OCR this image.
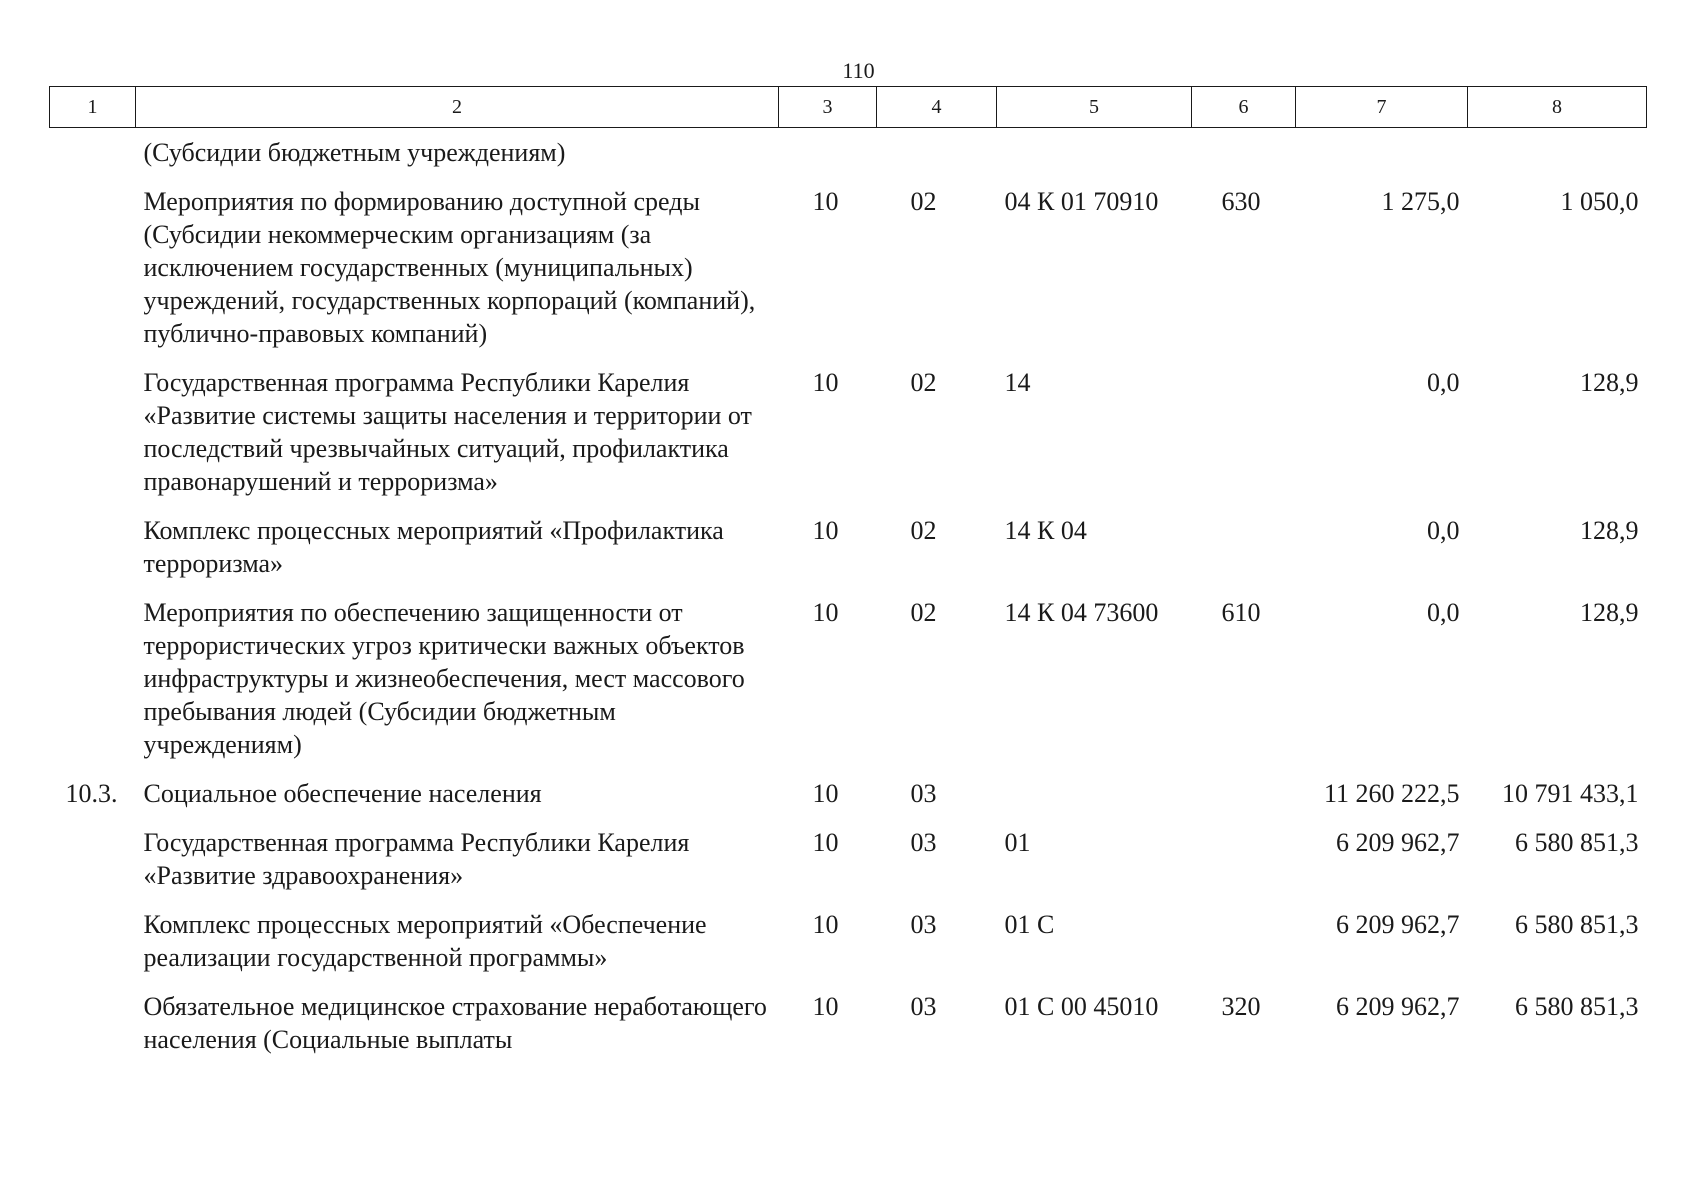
110
1	2	3	4	5	6	7	8
	(Субсидии бюджетным учреждениям)						
	Мероприятия по формированию доступной среды (Субсидии некоммерческим организациям (за исключением государственных (муниципальных) учреждений, государственных корпораций (компаний), публично-правовых компаний)	10	02	04 К 01 70910	630	1 275,0	1 050,0
	Государственная программа Республики Карелия «Развитие системы защиты населения и территории от последствий чрезвычайных ситуаций, профилактика правонарушений и терроризма»	10	02	14		0,0	128,9
	Комплекс процессных мероприятий «Профилактика терроризма»	10	02	14 К 04		0,0	128,9
	Мероприятия по обеспечению защищенности от террористических угроз критически важных объектов инфраструктуры и жизнеобеспечения, мест массового пребывания людей (Субсидии бюджетным учреждениям)	10	02	14 К 04 73600	610	0,0	128,9
10.3.	Социальное обеспечение населения	10	03			11 260 222,5	10 791 433,1
	Государственная программа Республики Карелия «Развитие здравоохранения»	10	03	01		6 209 962,7	6 580 851,3
	Комплекс процессных мероприятий «Обеспечение реализации государственной программы»	10	03	01 С		6 209 962,7	6 580 851,3
	Обязательное медицинское страхование неработающего населения (Социальные выплаты	10	03	01 С 00 45010	320	6 209 962,7	6 580 851,3
